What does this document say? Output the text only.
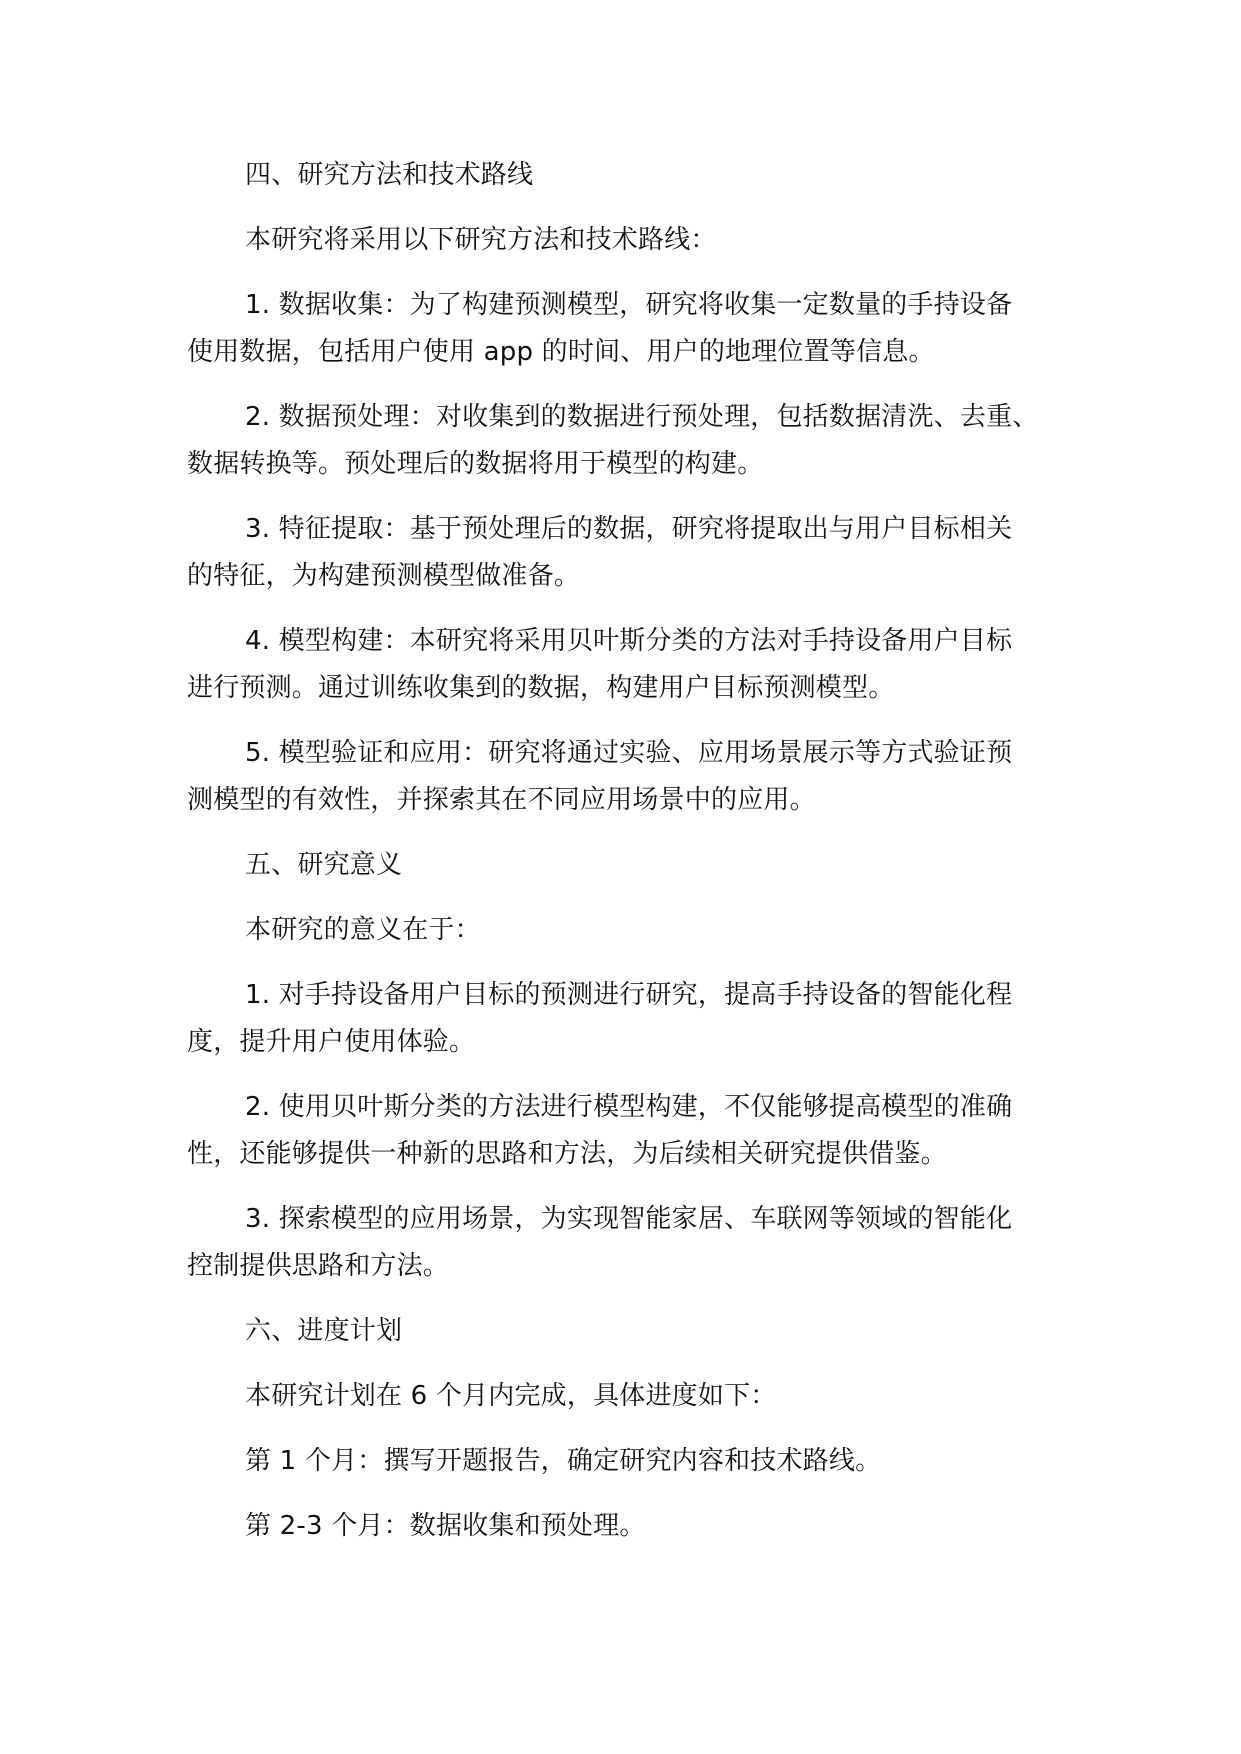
四、研究方法和技术路线
本研究将采用以下研究方法和技术路线：
1. 数据收集：为了构建预测模型，研究将收集一定数量的手持设备
使用数据，包括用户使用 app 的时间、用户的地理位置等信息。
2. 数据预处理：对收集到的数据进行预处理，包括数据清洗、去重、
数据转换等。预处理后的数据将用于模型的构建。
3. 特征提取：基于预处理后的数据，研究将提取出与用户目标相关
的特征，为构建预测模型做准备。
4. 模型构建：本研究将采用贝叶斯分类的方法对手持设备用户目标
进行预测。通过训练收集到的数据，构建用户目标预测模型。
5. 模型验证和应用：研究将通过实验、应用场景展示等方式验证预
测模型的有效性，并探索其在不同应用场景中的应用。
五、研究意义
本研究的意义在于：
1. 对手持设备用户目标的预测进行研究，提高手持设备的智能化程
度，提升用户使用体验。
2. 使用贝叶斯分类的方法进行模型构建，不仅能够提高模型的准确
性，还能够提供一种新的思路和方法，为后续相关研究提供借鉴。
3. 探索模型的应用场景，为实现智能家居、车联网等领域的智能化
控制提供思路和方法。
六、进度计划
本研究计划在 6 个月内完成，具体进度如下：
第 1 个月：撰写开题报告，确定研究内容和技术路线。
第 2-3 个月：数据收集和预处理。
